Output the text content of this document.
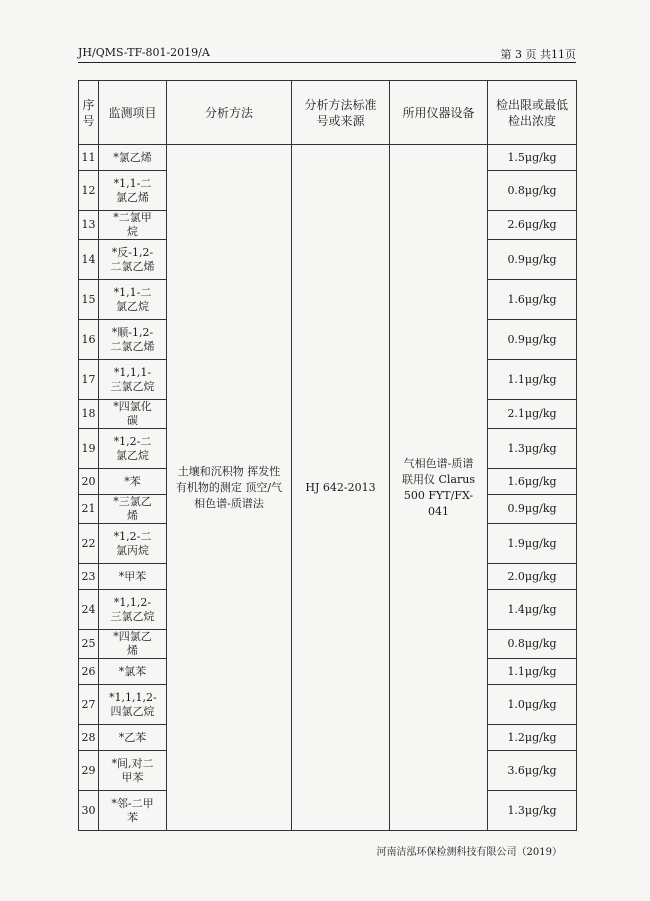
JH/QMS-TF-801-2019/A	第 3 页 共11页
序号	监测项目	分析方法	分析方法标准号或来源	所用仪器设备	检出限或最低检出浓度
11	*氯乙烯	土壤和沉积物 挥发性有机物的测定 顶空/气相色谱-质谱法	HJ 642-2013	气相色谱-质谱联用仪 Clarus 500 FYT/FX-041	1.5μg/kg
12	*1,1-二氯乙烯				0.8μg/kg
13	*二氯甲烷				2.6μg/kg
14	*反-1,2-二氯乙烯				0.9μg/kg
15	*1,1-二氯乙烷				1.6μg/kg
16	*顺-1,2-二氯乙烯				0.9μg/kg
17	*1,1,1-三氯乙烷				1.1μg/kg
18	*四氯化碳				2.1μg/kg
19	*1,2-二氯乙烷				1.3μg/kg
20	*苯				1.6μg/kg
21	*三氯乙烯				0.9μg/kg
22	*1,2-二氯丙烷				1.9μg/kg
23	*甲苯				2.0μg/kg
24	*1,1,2-三氯乙烷				1.4μg/kg
25	*四氯乙烯				0.8μg/kg
26	*氯苯				1.1μg/kg
27	*1,1,1,2-四氯乙烷				1.0μg/kg
28	*乙苯				1.2μg/kg
29	*间,对二甲苯				3.6μg/kg
30	*邻-二甲苯				1.3μg/kg
河南洁泓环保检测科技有限公司（2019）
